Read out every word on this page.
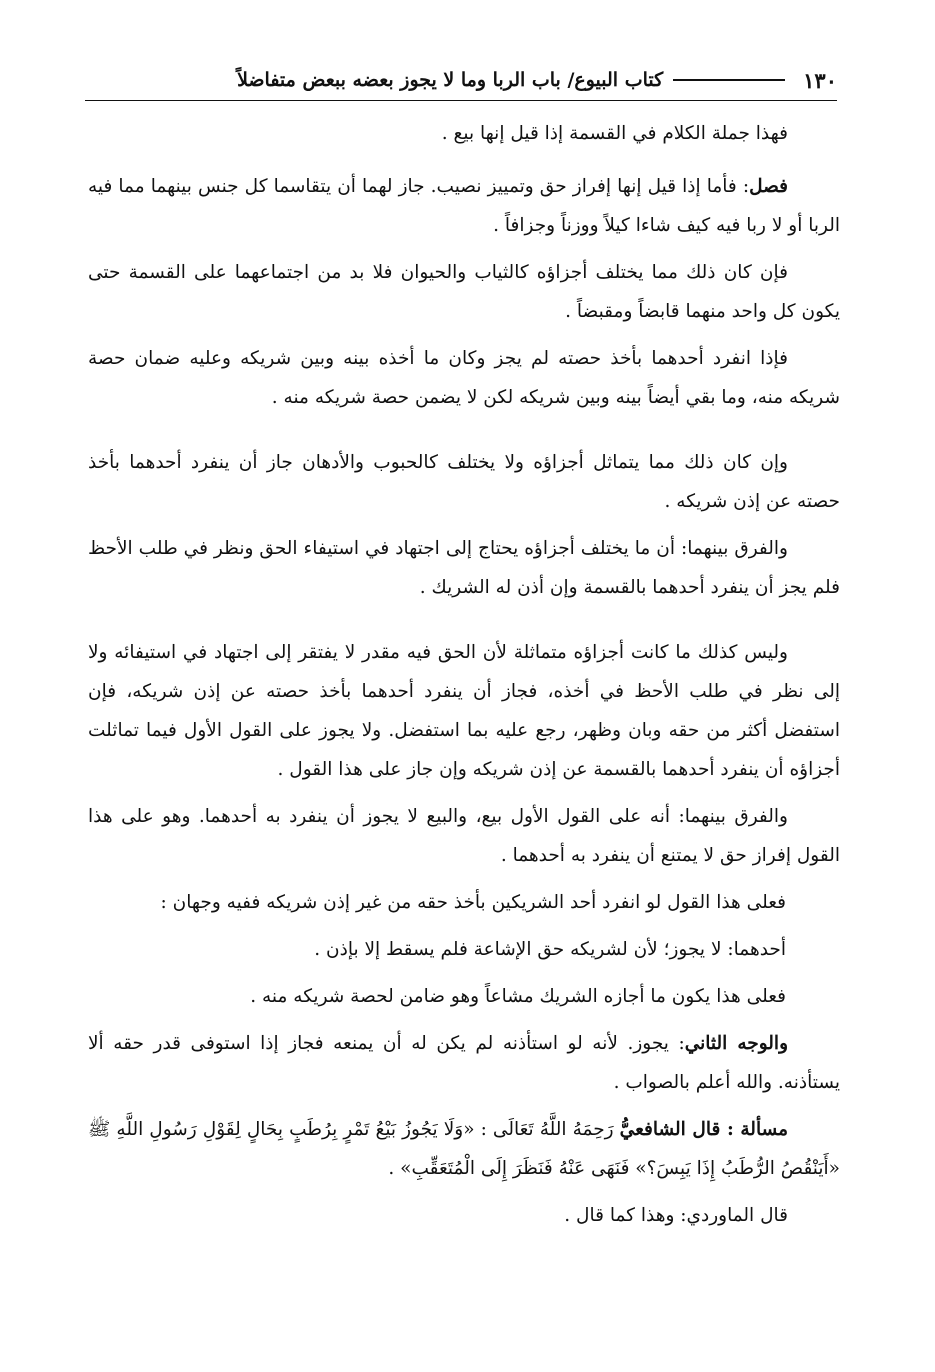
١٣٠
كتاب البيوع/ باب الربا وما لا يجوز بعضه ببعض متفاضلاً

فهذا جملة الكلام في القسمة إذا قيل إنها بيع .

فصل: فأما إذا قيل إنها إفراز حق وتمييز نصيب. جاز لهما أن يتقاسما كل جنس بينهما مما فيه الربا أو لا ربا فيه كيف شاءا كيلاً ووزناً وجزافاً .

فإن كان ذلك مما يختلف أجزاؤه كالثياب والحيوان فلا بد من اجتماعهما على القسمة حتى يكون كل واحد منهما قابضاً ومقبضاً .

فإذا انفرد أحدهما بأخذ حصته لم يجز وكان ما أخذه بينه وبين شريكه وعليه ضمان حصة شريكه منه، وما بقي أيضاً بينه وبين شريكه لكن لا يضمن حصة شريكه منه .

وإن كان ذلك مما يتماثل أجزاؤه ولا يختلف كالحبوب والأدهان جاز أن ينفرد أحدهما بأخذ حصته عن إذن شريكه .

والفرق بينهما: أن ما يختلف أجزاؤه يحتاج إلى اجتهاد في استيفاء الحق ونظر في طلب الأحظ فلم يجز أن ينفرد أحدهما بالقسمة وإن أذن له الشريك .

وليس كذلك ما كانت أجزاؤه متماثلة لأن الحق فيه مقدر لا يفتقر إلى اجتهاد في استيفائه ولا إلى نظر في طلب الأحظ في أخذه، فجاز أن ينفرد أحدهما بأخذ حصته عن إذن شريكه، فإن استفضل أكثر من حقه وبان وظهر، رجع عليه بما استفضل. ولا يجوز على القول الأول فيما تماثلت أجزاؤه أن ينفرد أحدهما بالقسمة عن إذن شريكه وإن جاز على هذا القول .

والفرق بينهما: أنه على القول الأول بيع، والبيع لا يجوز أن ينفرد به أحدهما. وهو على هذا القول إفراز حق لا يمتنع أن ينفرد به أحدهما .

فعلى هذا القول لو انفرد أحد الشريكين بأخذ حقه من غير إذن شريكه ففيه وجهان :

أحدهما: لا يجوز؛ لأن لشريكه حق الإشاعة فلم يسقط إلا بإذن .

فعلى هذا يكون ما أجازه الشريك مشاعاً وهو ضامن لحصة شريكه منه .

والوجه الثاني: يجوز. لأنه لو استأذنه لم يكن له أن يمنعه فجاز إذا استوفى قدر حقه ألا يستأذنه. والله أعلم بالصواب .

مسألة : قال الشافعيُّ رَحِمَهُ اللَّهُ تَعَالَى : «وَلَا يَجُوزُ بَيْعُ تَمْرٍ بِرُطَبٍ بِحَالٍ لِقَوْلِ رَسُولِ اللَّهِ ﷺ «أَيَنْقُصُ الرُّطَبُ إِذَا يَبِسَ؟» فَنَهَى عَنْهُ فَنَظَرَ إِلَى الْمُتَعَقِّبِ» .

قال الماوردي: وهذا كما قال .
